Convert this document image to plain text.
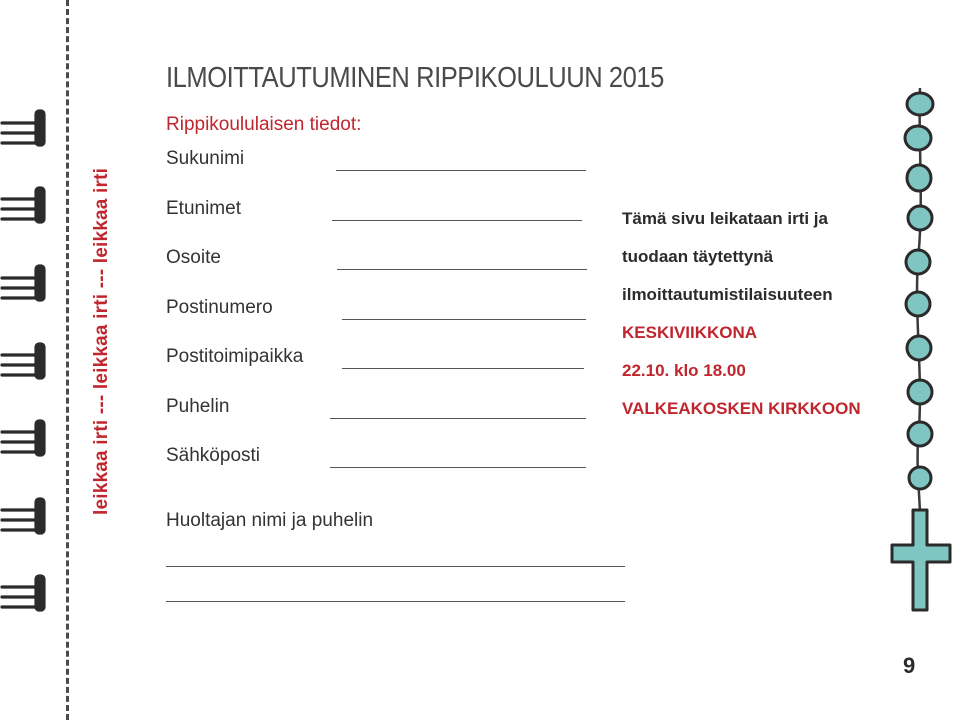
leikkaa irti --- leikkaa irti --- leikkaa irti
ILMOITTAUTUMINEN RIPPIKOULUUN 2015
Rippikoululaisen tiedot:
Sukunimi
Etunimet
Osoite
Postinumero
Postitoimipaikka
Puhelin
Sähköposti
Huoltajan nimi ja puhelin
Tämä sivu leikataan irti ja
tuodaan täytettynä
ilmoittautumistilaisuuteen
KESKIVIIKKONA
22.10. klo 18.00
VALKEAKOSKEN KIRKKOON
9
